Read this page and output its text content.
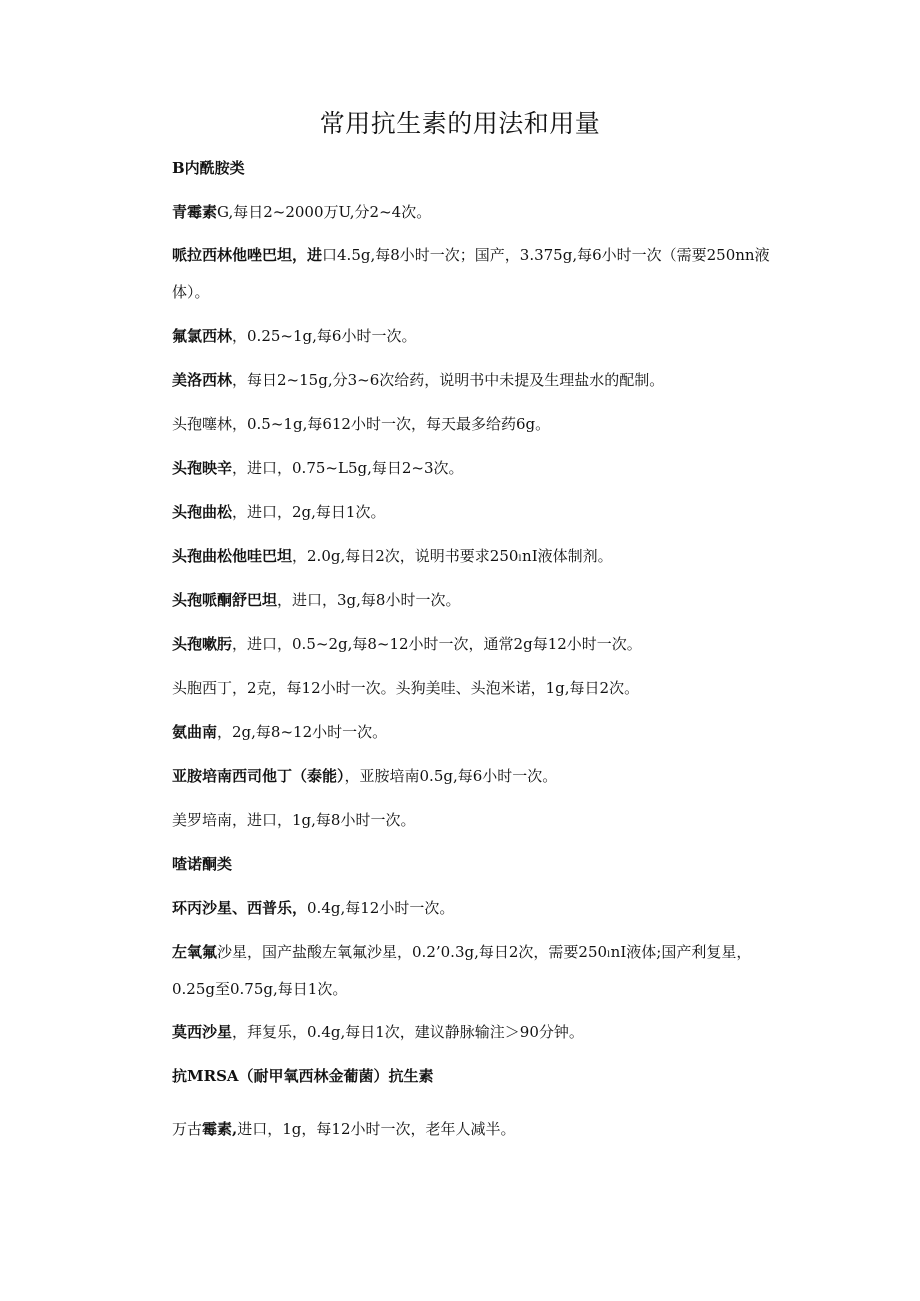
常用抗生素的用法和用量

B内酰胺类

青霉素G,每日2~2000万U,分2~4次。

哌拉西林他唑巴坦，进口4.5g,每8小时一次；国产，3.375g,每6小时一次（需要250nn液体）。

氟氯西林，0.25~1g,每6小时一次。

美洛西林，每日2~15g,分3~6次给药，说明书中未提及生理盐水的配制。

头孢噻林，0.5~1g,每612小时一次，每天最多给药6g。

头孢映辛，进口，0.75~L5g,每日2~3次。

头孢曲松，进口，2g,每日1次。

头孢曲松他哇巴坦，2.0g,每日2次，说明书要求250ₗnI液体制剂。

头孢哌酮舒巴坦，进口，3g,每8小时一次。

头孢嗽肟，进口，0.5~2g,每8~12小时一次，通常2g每12小时一次。

头胞西丁，2克，每12小时一次。头狗美哇、头泡米诺，1g,每日2次。

氨曲南，2g,每8~12小时一次。

亚胺培南西司他丁（泰能），亚胺培南0.5g,每6小时一次。

美罗培南，进口，1g,每8小时一次。

喳诺酮类

环丙沙星、西普乐，0.4g,每12小时一次。

左氧氟沙星，国产盐酸左氧氟沙星，0.2’0.3g,每日2次，需要250ₗnI液体;国产利复星，0.25g至0.75g,每日1次。

莫西沙星，拜复乐，0.4g,每日1次，建议静脉输注＞90分钟。

抗MRSA（耐甲氧西林金葡菌）抗生素

万古霉素,进口，1g，每12小时一次，老年人减半。
